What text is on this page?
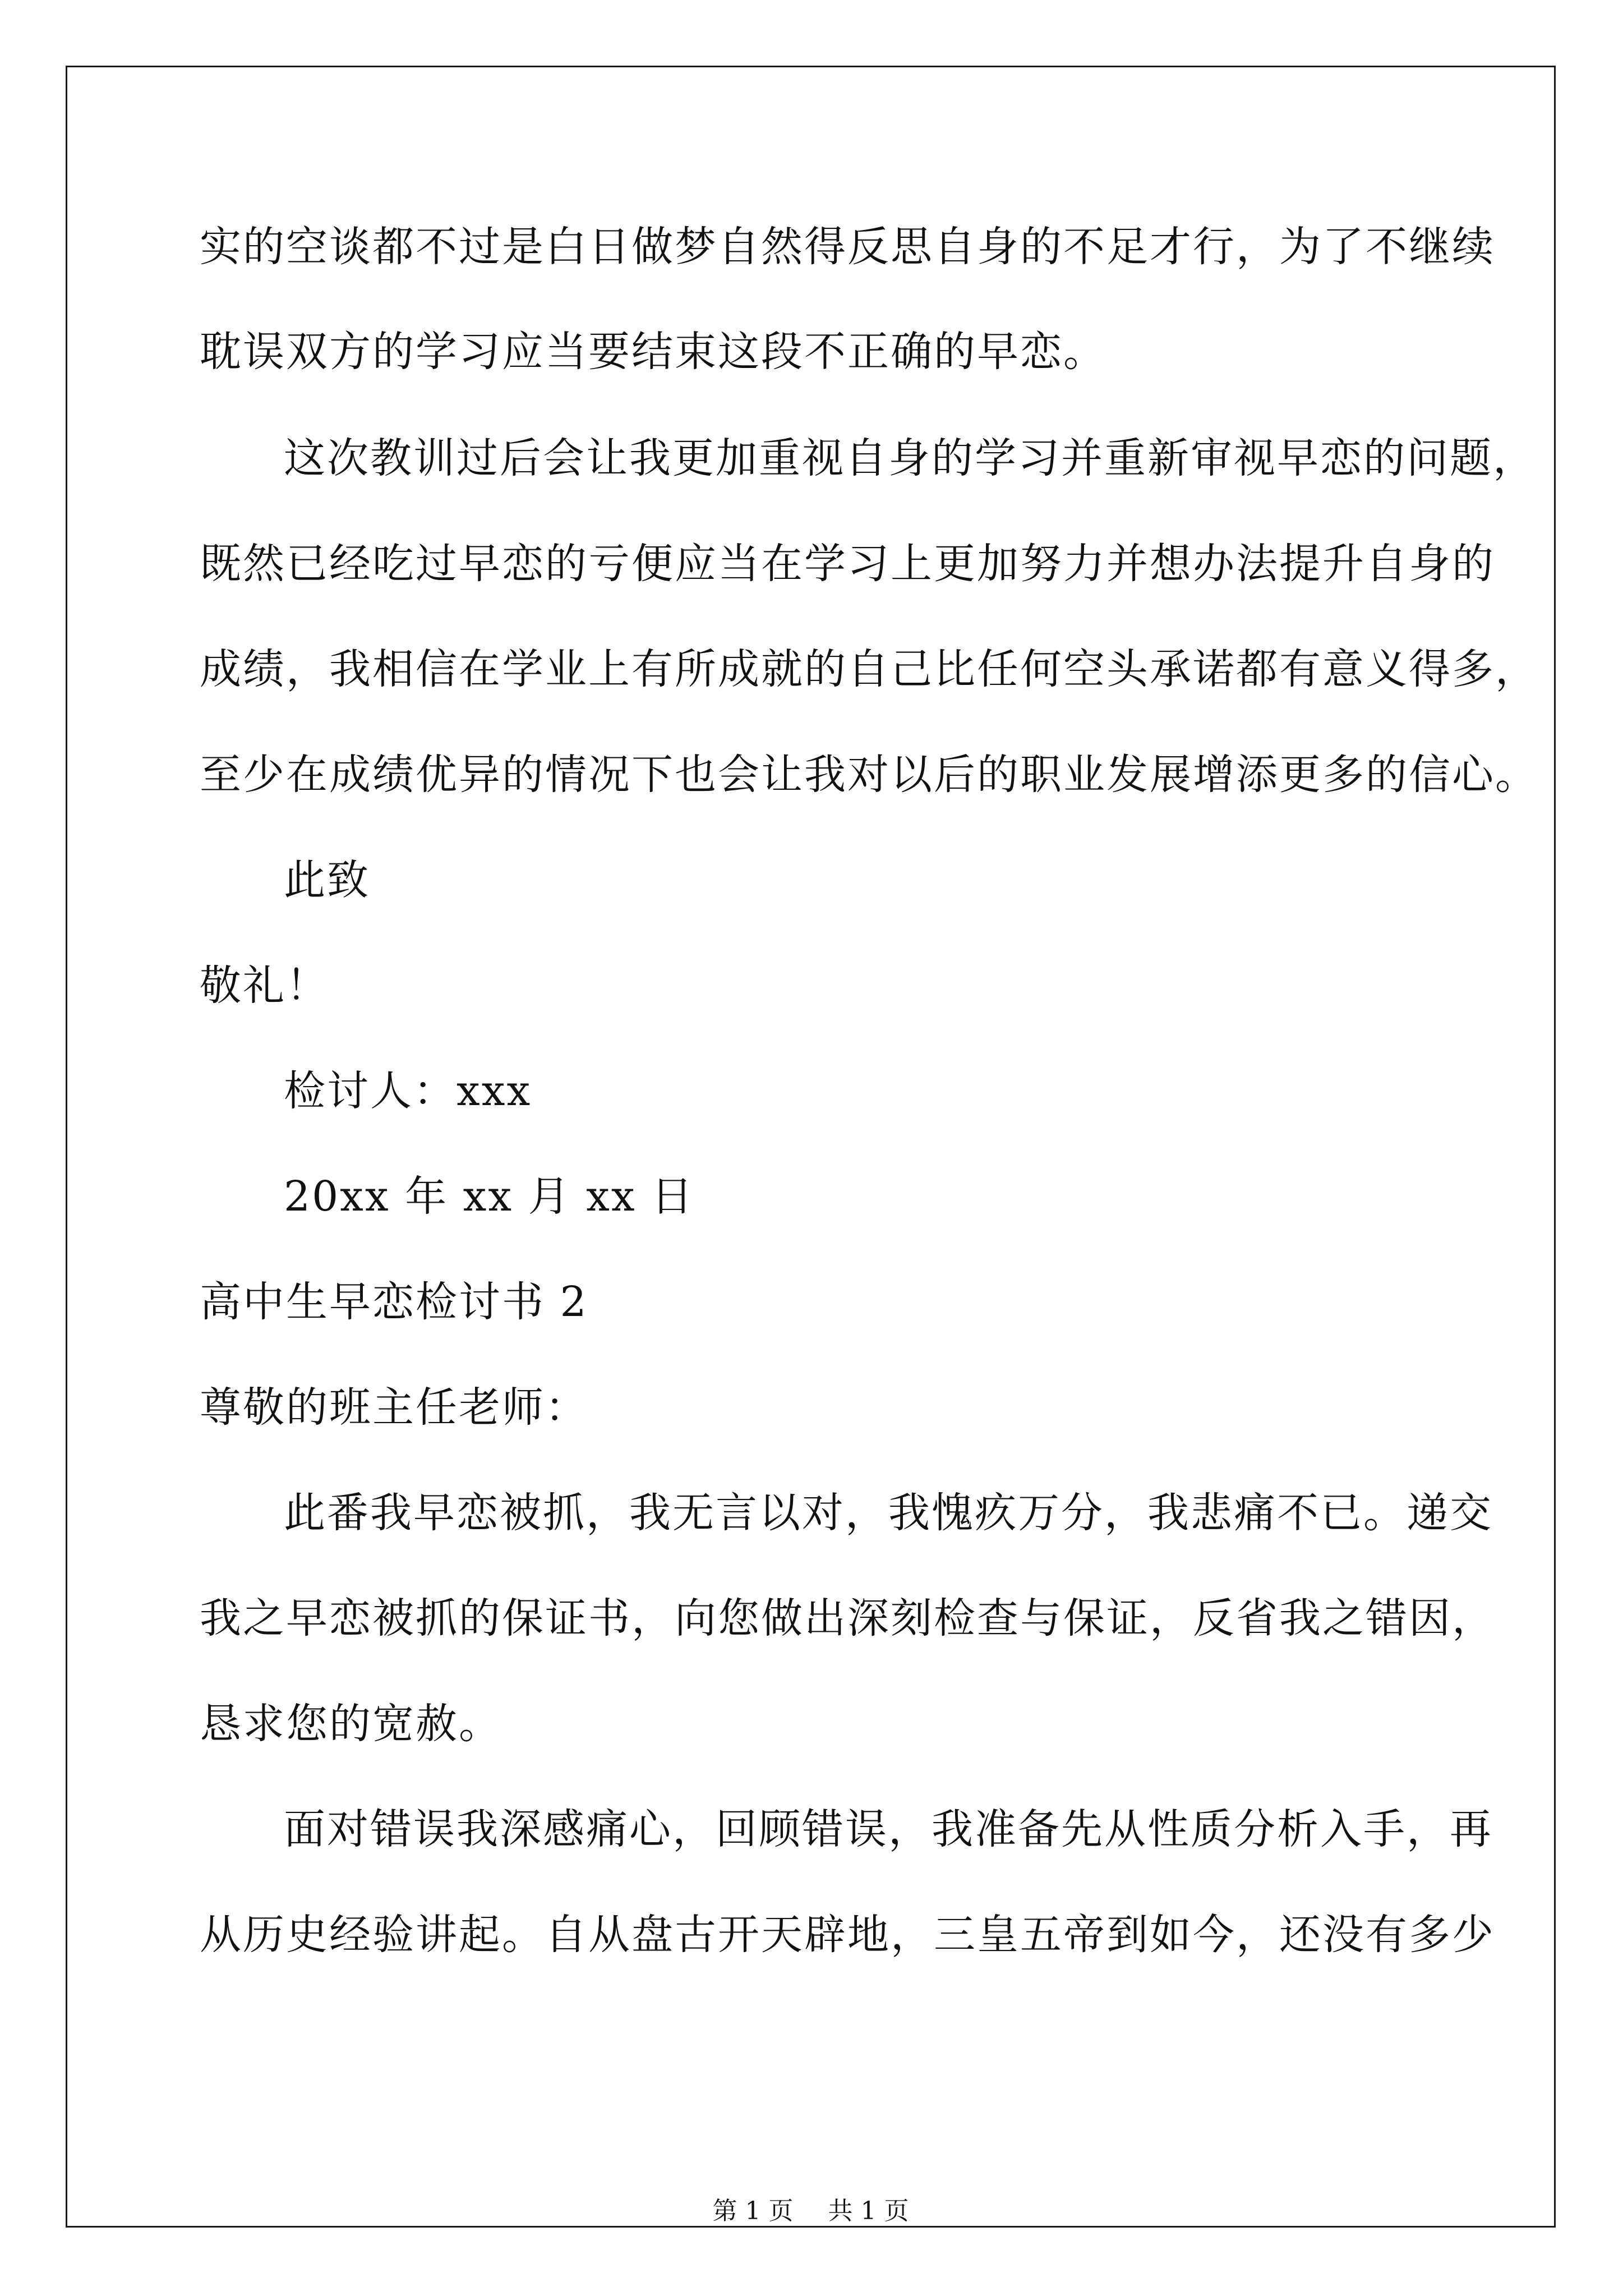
实的空谈都不过是白日做梦自然得反思自身的不足才行，为了不继续
耽误双方的学习应当要结束这段不正确的早恋。
这次教训过后会让我更加重视自身的学习并重新审视早恋的问题，
既然已经吃过早恋的亏便应当在学习上更加努力并想办法提升自身的
成绩，我相信在学业上有所成就的自己比任何空头承诺都有意义得多，
至少在成绩优异的情况下也会让我对以后的职业发展增添更多的信心。
此致
敬礼！
检讨人：xxx
20xx 年 xx 月 xx 日
高中生早恋检讨书 2
尊敬的班主任老师：
此番我早恋被抓，我无言以对，我愧疚万分，我悲痛不已。递交
我之早恋被抓的保证书，向您做出深刻检查与保证，反省我之错因，
恳求您的宽赦。
面对错误我深感痛心，回顾错误，我准备先从性质分析入手，再
从历史经验讲起。自从盘古开天辟地，三皇五帝到如今，还没有多少
第 1 页 共 1 页
